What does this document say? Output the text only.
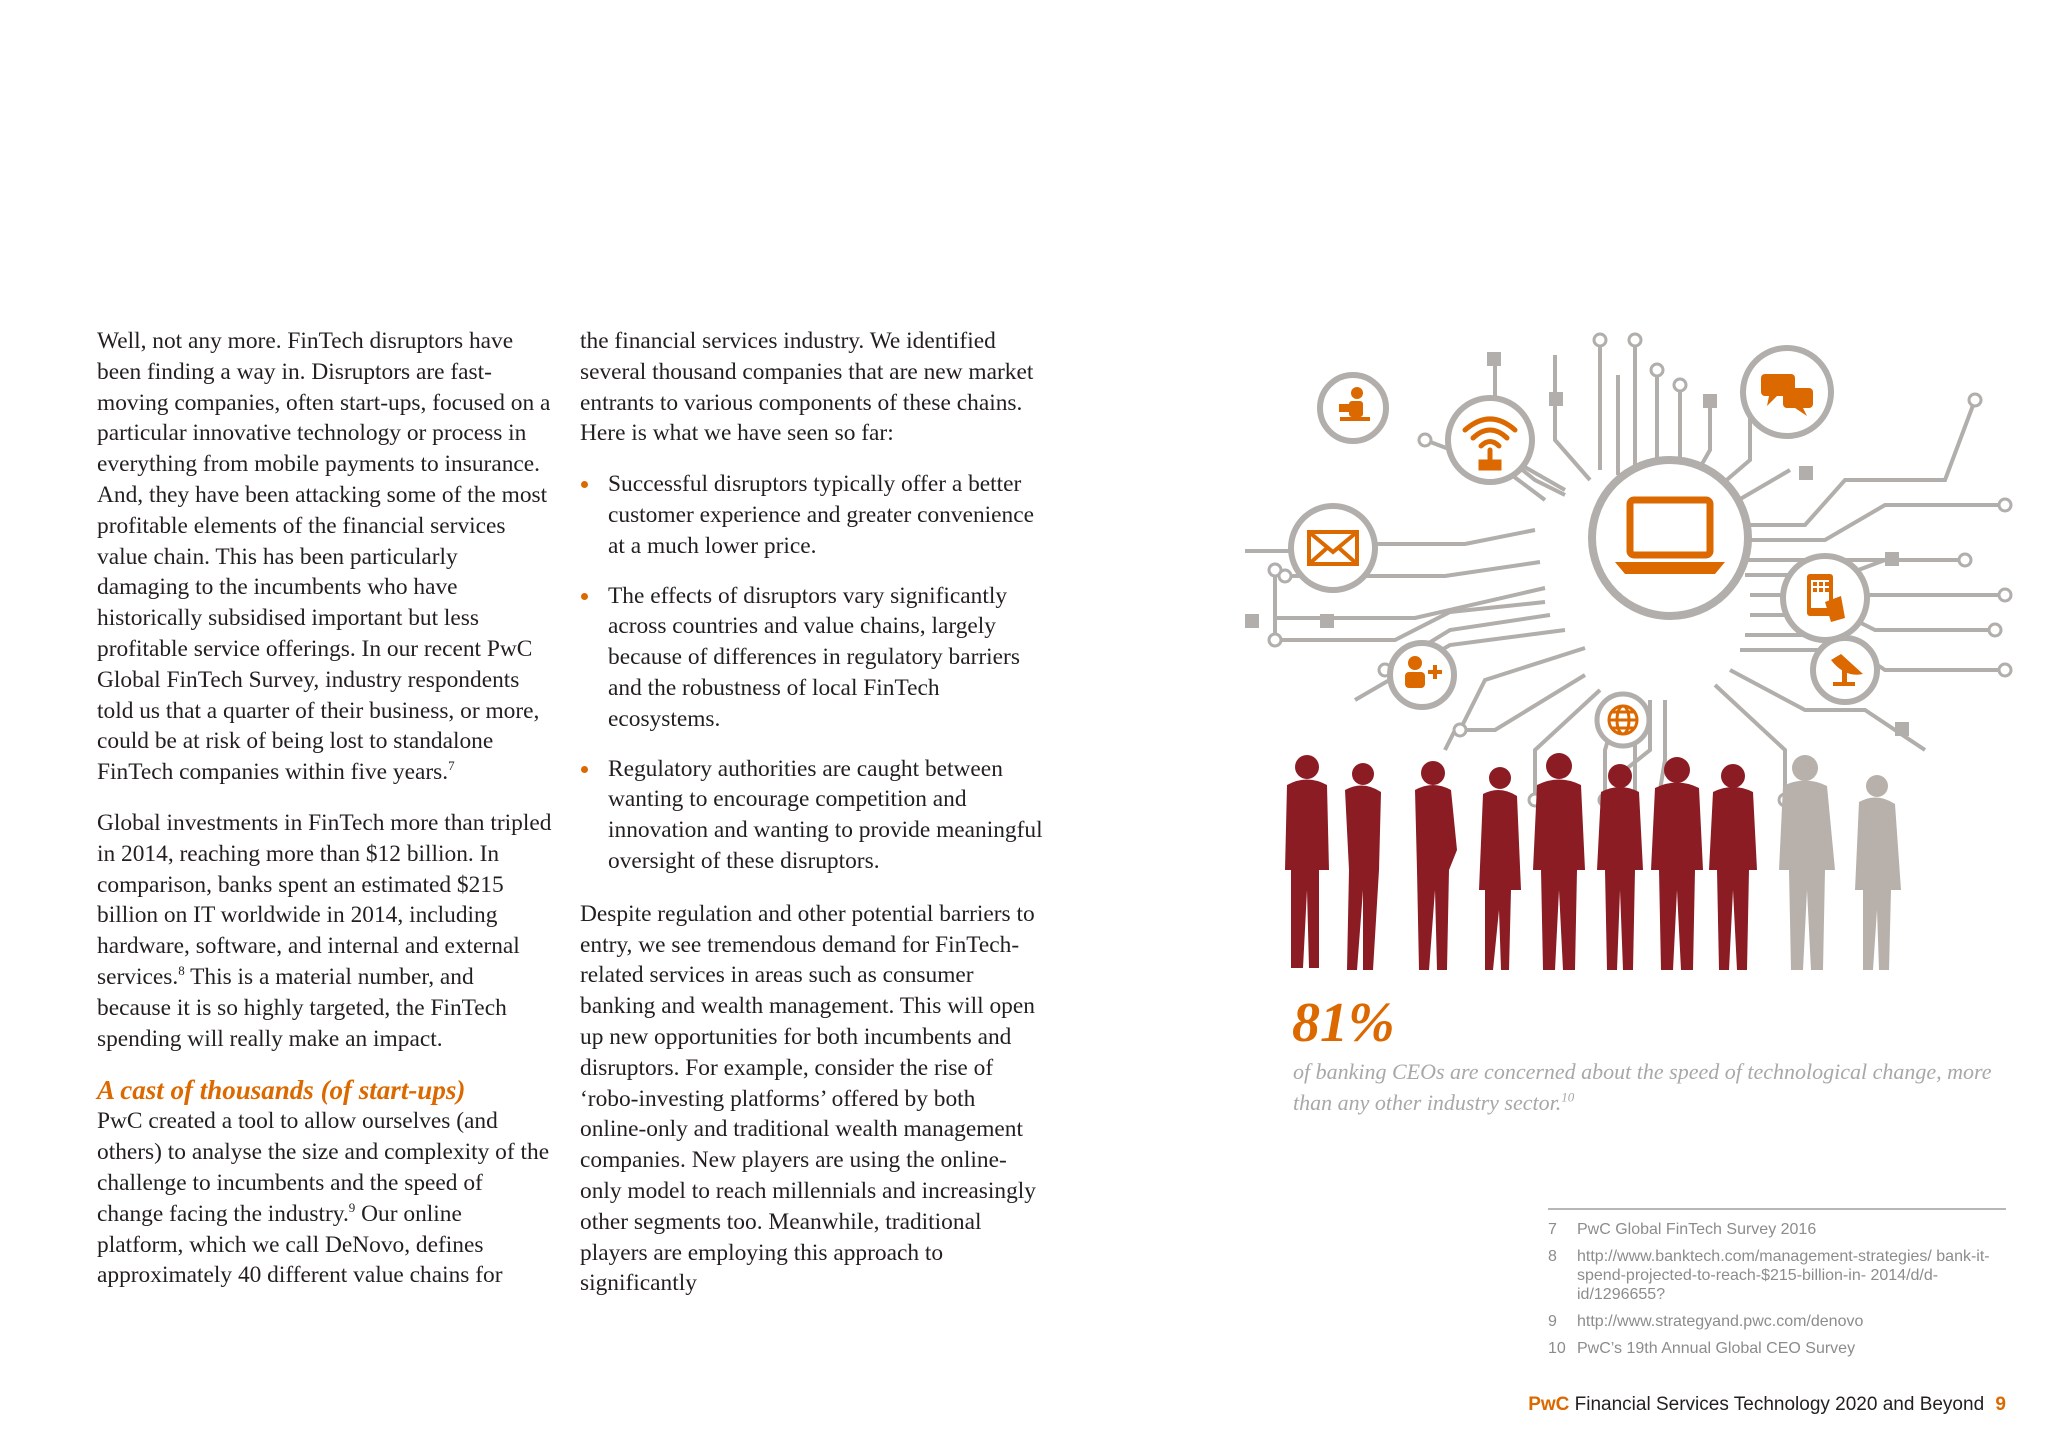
Well, not any more. FinTech disruptors have been finding a way in. Disruptors are fast-moving companies, often start-ups, focused on a particular innovative technology or process in everything from mobile payments to insurance. And, they have been attacking some of the most profitable elements of the financial services value chain. This has been particularly damaging to the incumbents who have historically subsidised important but less profitable service offerings. In our recent PwC Global FinTech Survey, industry respondents told us that a quarter of their business, or more, could be at risk of being lost to standalone FinTech companies within five years.$^7$

Global investments in FinTech more than tripled in 2014, reaching more than $12 billion. In comparison, banks spent an estimated $215 billion on IT worldwide in 2014, including hardware, software, and internal and external services.$^8$ This is a material number, and because it is so highly targeted, the FinTech spending will really make an impact.

A cast of thousands (of start-ups)

PwC created a tool to allow ourselves (and others) to analyse the size and complexity of the challenge to incumbents and the speed of change facing the industry.$^9$ Our online platform, which we call DeNovo, defines approximately 40 different value chains for

the financial services industry. We identified several thousand companies that are new market entrants to various components of these chains. Here is what we have seen so far:

Successful disruptors typically offer a better customer experience and greater convenience at a much lower price.
The effects of disruptors vary significantly across countries and value chains, largely because of differences in regulatory barriers and the robustness of local FinTech ecosystems.
Regulatory authorities are caught between wanting to encourage competition and innovation and wanting to provide meaningful oversight of these disruptors.

Despite regulation and other potential barriers to entry, we see tremendous demand for FinTech-related services in areas such as consumer banking and wealth management. This will open up new opportunities for both incumbents and disruptors. For example, consider the rise of ‘robo-investing platforms’ offered by both online-only and traditional wealth management companies. New players are using the online-only model to reach millennials and increasingly other segments too. Meanwhile, traditional players are employing this approach to significantly

81%
of banking CEOs are concerned about the speed of technological change, more than any other industry sector.$^{10}$
7	PwC Global FinTech Survey 2016
8	http://www.banktech.com/management-strategies/ bank-it-spend-projected-to-reach-$215-billion-in- 2014/d/d-id/1296655?
9	http://www.strategyand.pwc.com/denovo
10 PwC’s 19th Annual Global CEO Survey
PwC Financial Services Technology 2020 and Beyond 9
